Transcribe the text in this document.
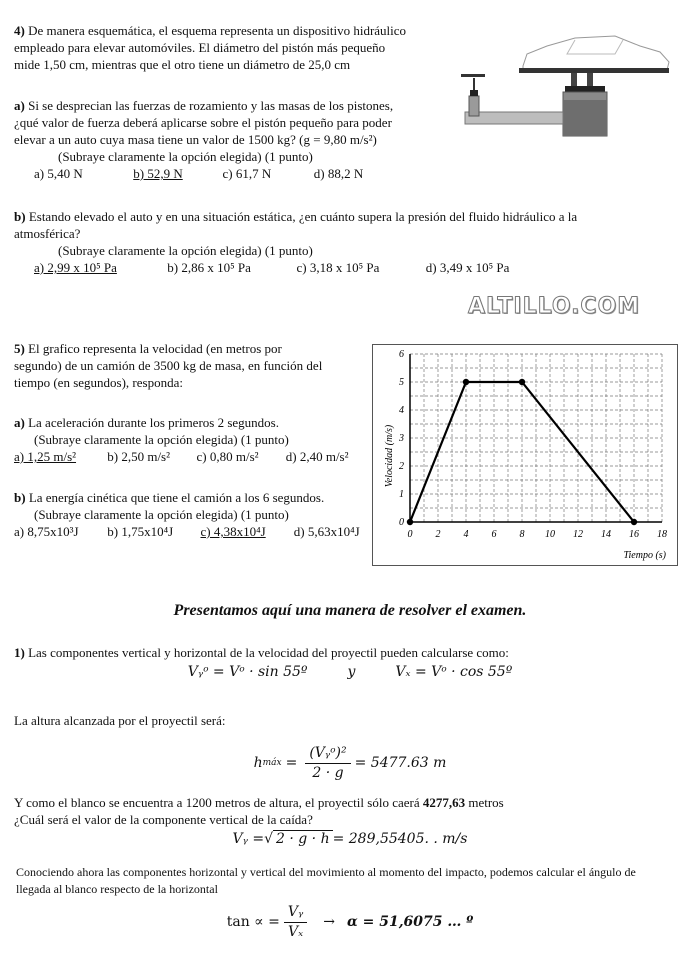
4) De manera esquemática, el esquema representa un dispositivo hidráulico
empleado para elevar automóviles. El diámetro del pistón más pequeño
mide 1,50 cm, mientras que el otro tiene un diámetro de 25,0 cm
a) Si se desprecian las fuerzas de rozamiento y las masas de los pistones,
¿qué valor de fuerza deberá aplicarse sobre el pistón pequeño para poder
elevar a un auto cuya masa tiene un valor de 1500 kg? (g = 9,80 m/s²)
(Subraye claramente la opción elegida) (1 punto)
a) 5,40 N	b) 52,9 N	c) 61,7 N	d) 88,2 N
b) Estando elevado el auto y en una situación estática, ¿en cuánto supera la presión del fluido hidráulico a la
atmosférica?
(Subraye claramente la opción elegida) (1 punto)
a) 2,99 x 10⁵ Pa	b) 2,86 x 10⁵ Pa	c) 3,18 x 10⁵ Pa	d) 3,49 x 10⁵ Pa
ALTILLO.COM
5) El grafico representa la velocidad (en metros por
segundo) de un camión de 3500 kg de masa, en función del
tiempo (en segundos), responda:
a) La aceleración durante los primeros 2 segundos.
(Subraye claramente la opción elegida) (1 punto)
a) 1,25 m/s² b) 2,50 m/s² c) 0,80 m/s² d) 2,40 m/s²
b) La energía cinética que tiene el camión a los 6 segundos.
(Subraye claramente la opción elegida) (1 punto)
a) 8,75x10³J b) 1,75x10⁴J c) 4,38x10⁴J d) 5,63x10⁴J	0 2 4 6 8 10 12 14 16 18
0
1
2
3
4
5
6
Velocidad (m/s)
Tiempo (s)
Presentamos aquí una manera de resolver el examen.
1) Las componentes vertical y horizontal de la velocidad del proyectil pueden calcularse como:
Vᵧᵒ = Vᵒ · sin 55º	y	Vₓ = Vᵒ · cos 55º
La altura alcanzada por el proyectil será:
h máx = $\frac{\text{(Vᵧᵒ)²}}{2 \cdot g} = 5477.63$ m
Y como el blanco se encuentra a 1200 metros de altura, el proyectil sólo caerá 4277,63 metros
¿Cuál será el valor de la componente vertical de la caída?
Vᵧ = √ 2 · g · h = 289,55405. . m/s
Conociendo ahora las componentes horizontal y vertical del movimiento al momento del impacto, podemos calcular el ángulo de
llegada al blanco respecto de la horizontal
tan ∝ = $\frac{\text{Vᵧ}}{\text{Vₓ}} \to \alpha = 51,6075$ … º
